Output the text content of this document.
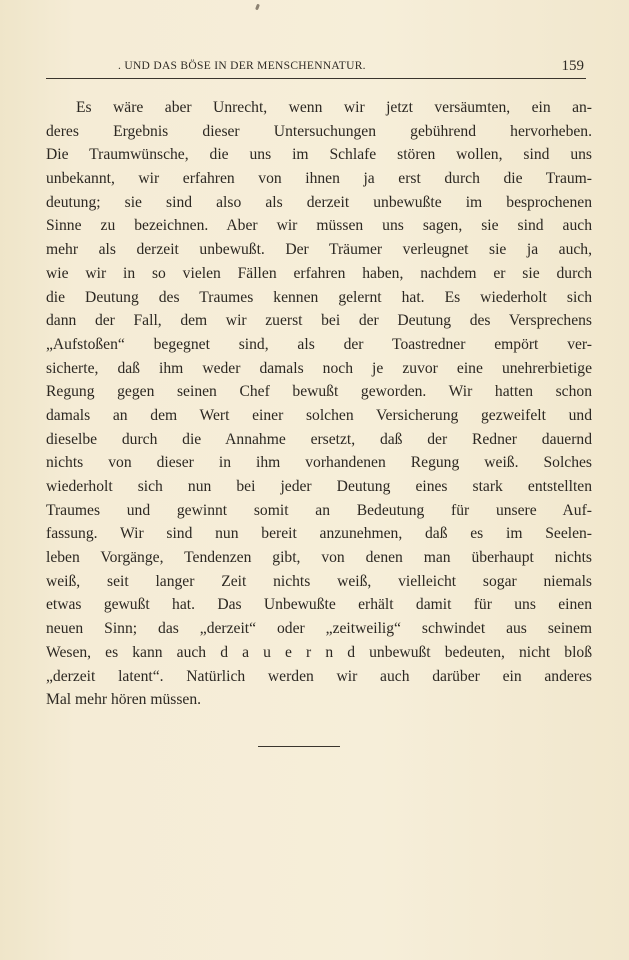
. UND DAS BÖSE IN DER MENSCHENNATUR.	159
Es wäre aber Unrecht, wenn wir jetzt versäumten, ein an-
deres Ergebnis dieser Untersuchungen gebührend hervorheben.
Die Traumwünsche, die uns im Schlafe stören wollen, sind uns
unbekannt, wir erfahren von ihnen ja erst durch die Traum-
deutung; sie sind also als derzeit unbewußte im besprochenen
Sinne zu bezeichnen. Aber wir müssen uns sagen, sie sind auch
mehr als derzeit unbewußt. Der Träumer verleugnet sie ja auch,
wie wir in so vielen Fällen erfahren haben, nachdem er sie durch
die Deutung des Traumes kennen gelernt hat. Es wiederholt sich
dann der Fall, dem wir zuerst bei der Deutung des Versprechens
„Aufstoßen“ begegnet sind, als der Toastredner empört ver-
sicherte, daß ihm weder damals noch je zuvor eine unehrerbietige
Regung gegen seinen Chef bewußt geworden. Wir hatten schon
damals an dem Wert einer solchen Versicherung gezweifelt und
dieselbe durch die Annahme ersetzt, daß der Redner dauernd
nichts von dieser in ihm vorhandenen Regung weiß. Solches
wiederholt sich nun bei jeder Deutung eines stark entstellten
Traumes und gewinnt somit an Bedeutung für unsere Auf-
fassung. Wir sind nun bereit anzunehmen, daß es im Seelen-
leben Vorgänge, Tendenzen gibt, von denen man überhaupt nichts
weiß, seit langer Zeit nichts weiß, vielleicht sogar niemals
etwas gewußt hat. Das Unbewußte erhält damit für uns einen
neuen Sinn; das „derzeit“ oder „zeitweilig“ schwindet aus seinem
Wesen, es kann auch d a u e r n d unbewußt bedeuten, nicht bloß
„derzeit latent“. Natürlich werden wir auch darüber ein anderes
Mal mehr hören müssen.
